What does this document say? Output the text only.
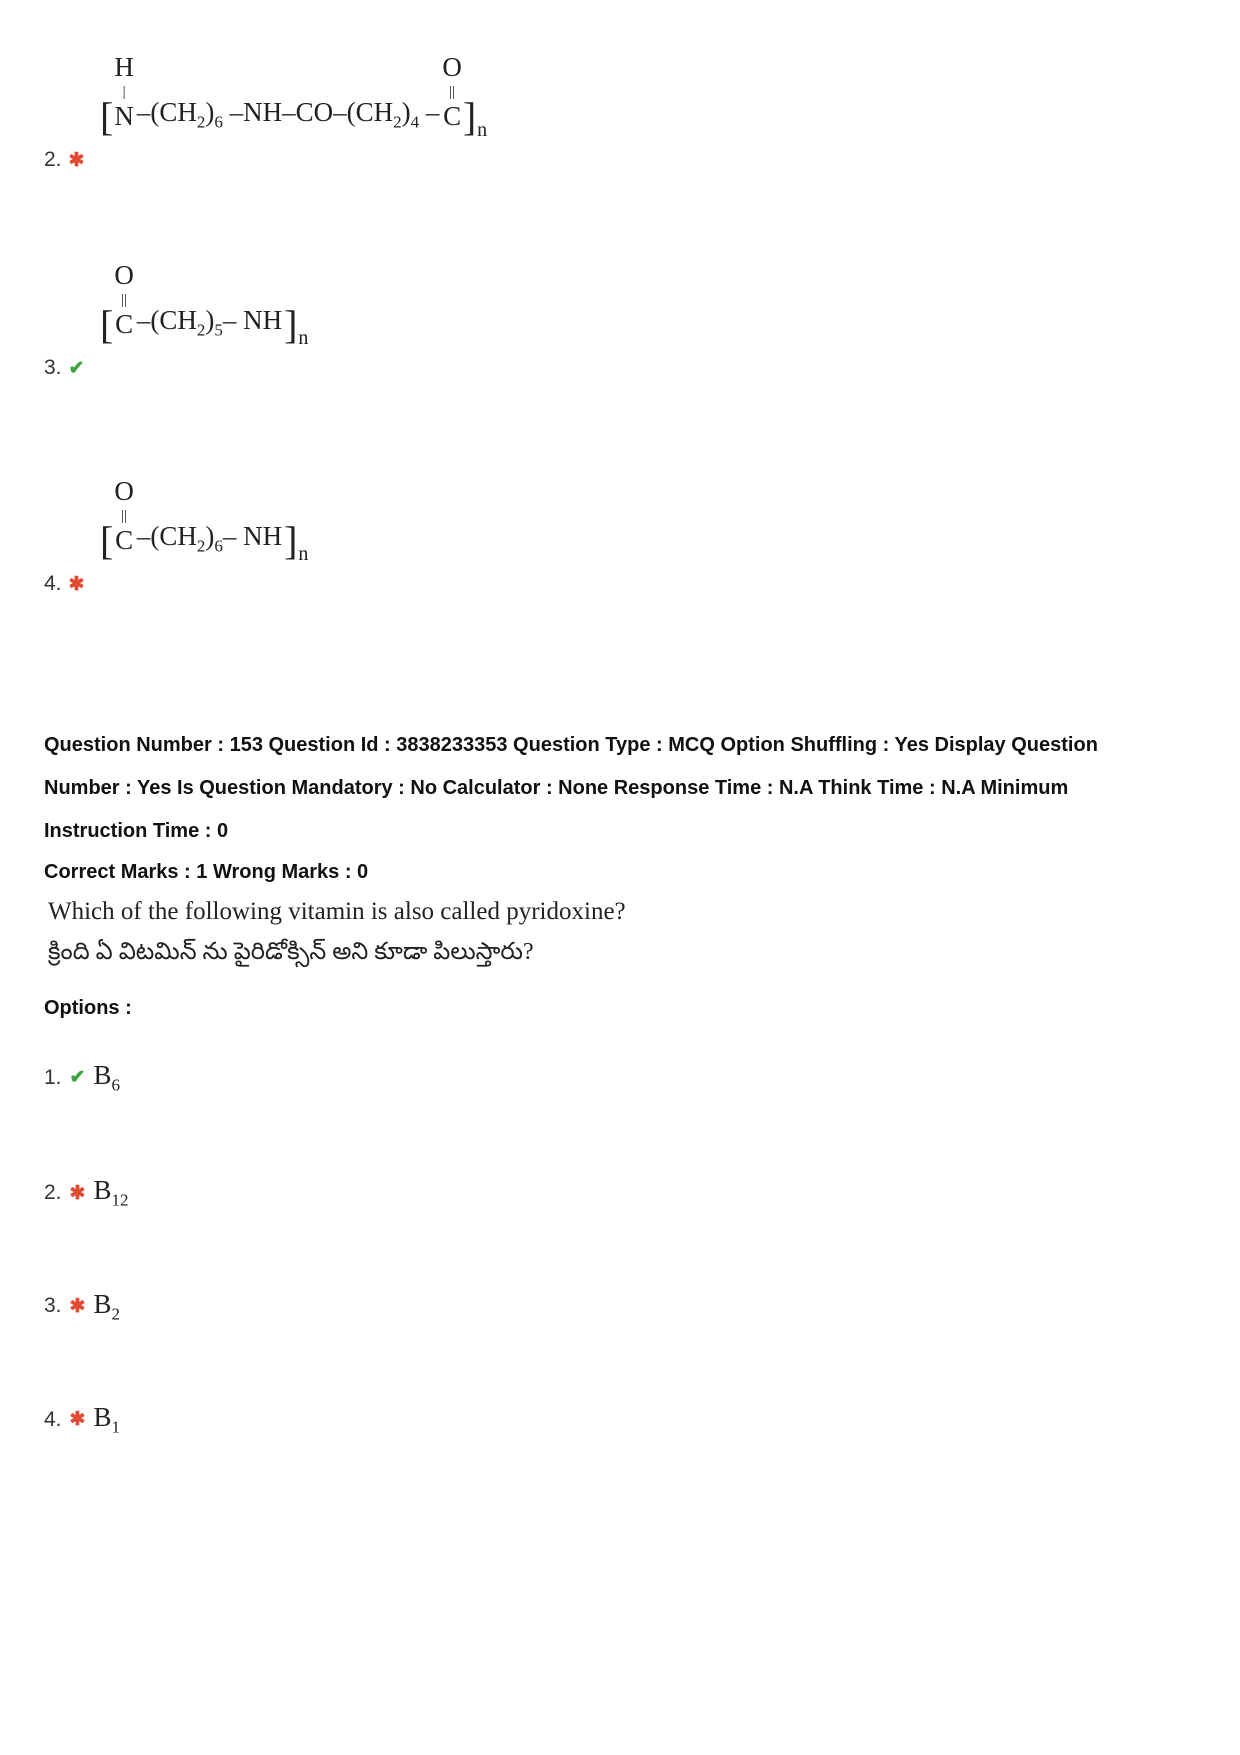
[
H
|
N $-(CH_2)_6$ $-NH-CO-(CH_2)_4$ –
O
||
C ] n
2. ✱
[
O
||
C $-(CH_2)_5-$ NH ] n
3. ✔
[
O
||
C $-(CH_2)_6-$ NH ] n
4. ✱

Question Number : 153 Question Id : 3838233353 Question Type : MCQ Option Shuffling : Yes Display Question Number : Yes Is Question Mandatory : No Calculator : None Response Time : N.A Think Time : N.A Minimum Instruction Time : 0

Correct Marks : 1 Wrong Marks : 0

Which of the following vitamin is also called pyridoxine?

క్రింది ఏ విటమిన్ ను పైరిడోక్సిన్ అని కూడా పిలుస్తారు?

Options :

1. ✔ $B_6$
2. ✱ $B_{12}$
3. ✱ $B_2$
4. ✱ $B_1$
